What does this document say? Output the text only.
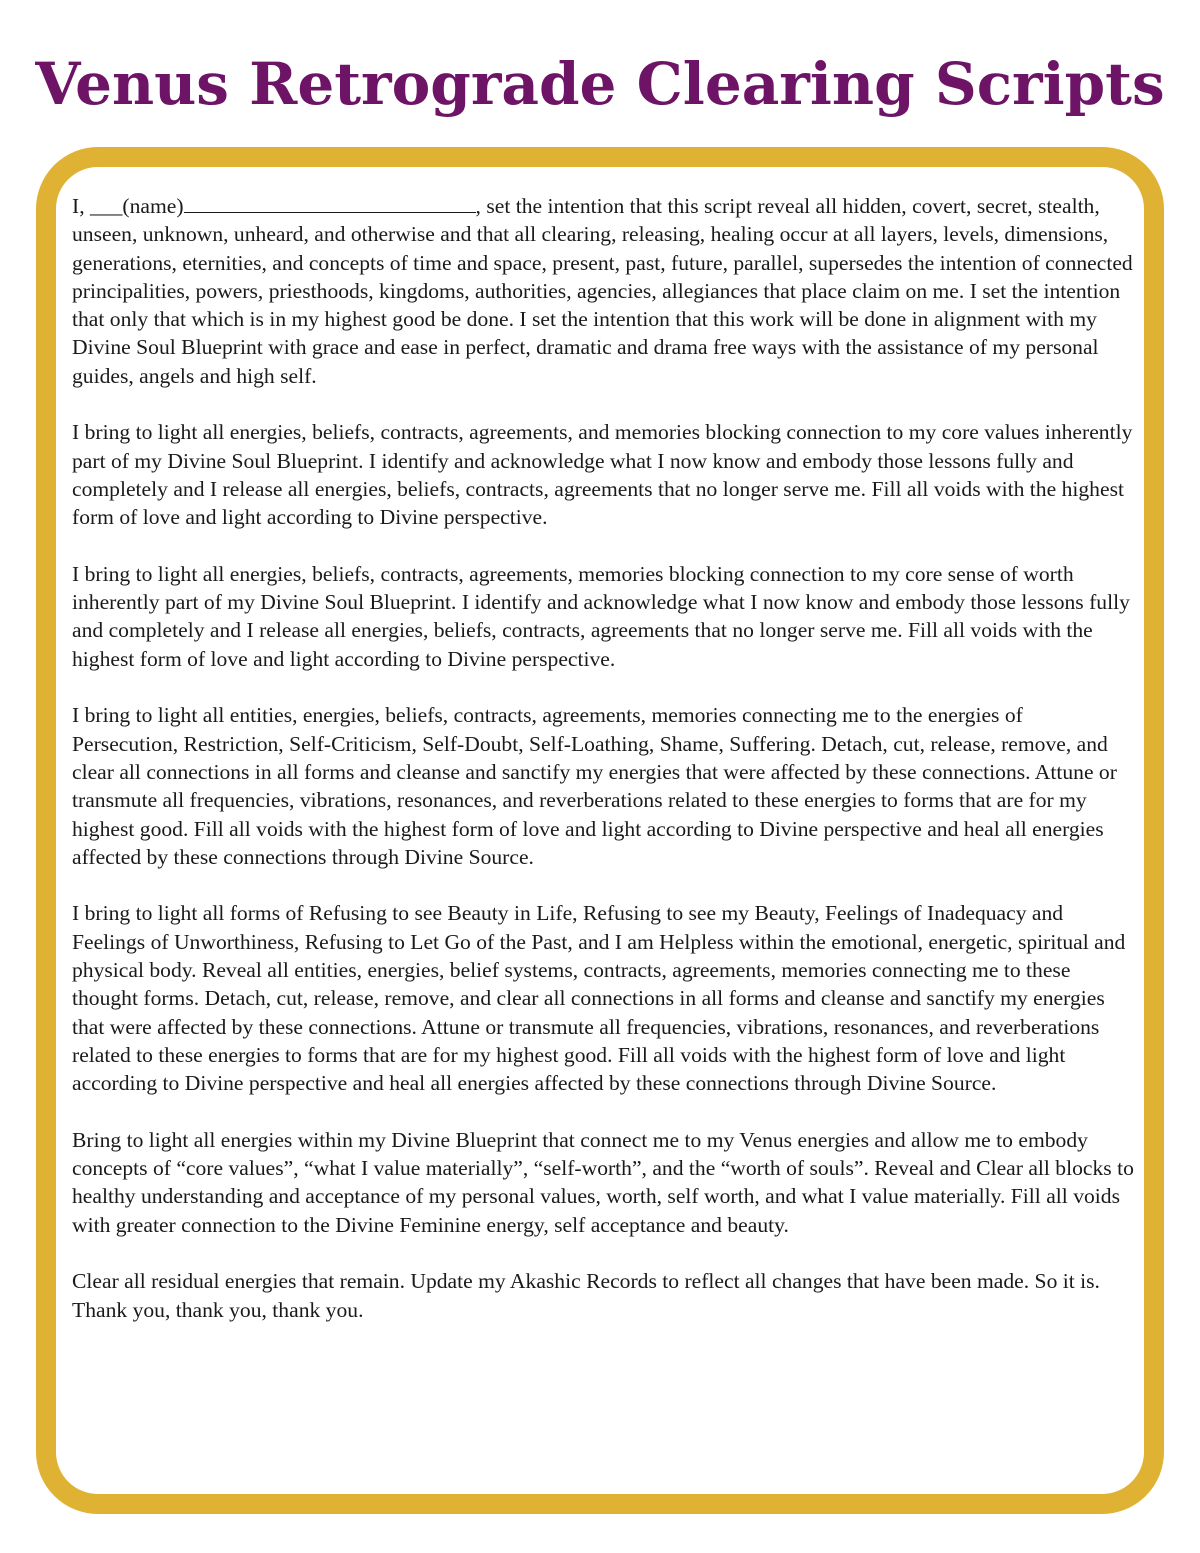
Venus Retrograde Clearing Scripts

I, ___(name)	, set the intention that this script reveal all hidden, covert, secret, stealth, unseen, unknown, unheard, and otherwise and that all clearing, releasing, healing occur at all layers, levels, dimensions, generations, eternities, and concepts of time and space, present, past, future, parallel, supersedes the intention of connected principalities, powers, priesthoods, kingdoms, authorities, agencies, allegiances that place claim on me. I set the intention that only that which is in my highest good be done. I set the intention that this work will be done in alignment with my Divine Soul Blueprint with grace and ease in perfect, dramatic and drama free ways with the assistance of my personal guides, angels and high self.

I bring to light all energies, beliefs, contracts, agreements, and memories blocking connection to my core values inherently part of my Divine Soul Blueprint. I identify and acknowledge what I now know and embody those lessons fully and completely and I release all energies, beliefs, contracts, agreements that no longer serve me. Fill all voids with the highest form of love and light according to Divine perspective.

I bring to light all energies, beliefs, contracts, agreements, memories blocking connection to my core sense of worth inherently part of my Divine Soul Blueprint. I identify and acknowledge what I now know and embody those lessons fully and completely and I release all energies, beliefs, contracts, agreements that no longer serve me. Fill all voids with the highest form of love and light according to Divine perspective.

I bring to light all entities, energies, beliefs, contracts, agreements, memories connecting me to the energies of Persecution, Restriction, Self-Criticism, Self-Doubt, Self-Loathing, Shame, Suffering. Detach, cut, release, remove, and clear all connections in all forms and cleanse and sanctify my energies that were affected by these connections. Attune or transmute all frequencies, vibrations, resonances, and reverberations related to these energies to forms that are for my highest good. Fill all voids with the highest form of love and light according to Divine perspective and heal all energies affected by these connections through Divine Source.

I bring to light all forms of Refusing to see Beauty in Life, Refusing to see my Beauty, Feelings of Inadequacy and Feelings of Unworthiness, Refusing to Let Go of the Past, and I am Helpless within the emotional, energetic, spiritual and physical body. Reveal all entities, energies, belief systems, contracts, agreements, memories connecting me to these thought forms. Detach, cut, release, remove, and clear all connections in all forms and cleanse and sanctify my energies that were affected by these connections. Attune or transmute all frequencies, vibrations, resonances, and reverberations related to these energies to forms that are for my highest good. Fill all voids with the highest form of love and light according to Divine perspective and heal all energies affected by these connections through Divine Source.

Bring to light all energies within my Divine Blueprint that connect me to my Venus energies and allow me to embody concepts of “core values”, “what I value materially”, “self-worth”, and the “worth of souls”. Reveal and Clear all blocks to healthy understanding and acceptance of my personal values, worth, self worth, and what I value materially. Fill all voids with greater connection to the Divine Feminine energy, self acceptance and beauty.

Clear all residual energies that remain. Update my Akashic Records to reflect all changes that have been made. So it is. Thank you, thank you, thank you.
